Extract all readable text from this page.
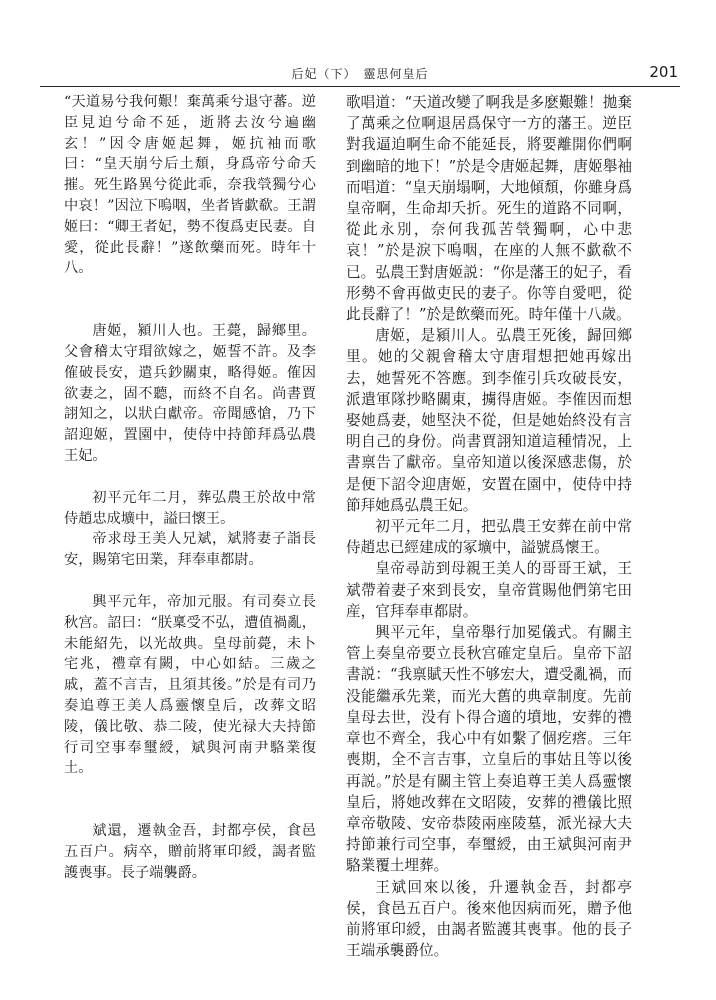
后妃（下）　靈思何皇后	201

“天道易兮我何艱！棄萬乘兮退守蕃。逆臣見迫兮命不延，逝將去汝兮遍幽玄！”因令唐姬起舞，姬抗袖而歌曰：“皇天崩兮后土頹，身爲帝兮命夭摧。死生路異兮從此乖，奈我煢獨兮心中哀！”因泣下嗚咽，坐者皆歔欷。王謂姬曰：“卿王者妃，勢不復爲吏民妻。自愛，從此長辭！”遂飲藥而死。時年十八。

唐姬，潁川人也。王薨，歸鄉里。父會稽太守瑁欲嫁之，姬誓不許。及李傕破長安，遣兵鈔關東，略得姬。傕因欲妻之，固不聽，而終不自名。尚書賈詡知之，以狀白獻帝。帝聞感愴，乃下詔迎姬，置園中，使侍中持節拜爲弘農王妃。

初平元年二月，葬弘農王於故中常侍趙忠成壙中，謚曰懷王。

帝求母王美人兄斌，斌將妻子詣長安，賜第宅田業，拜奉車都尉。

興平元年，帝加元服。有司奏立長秋宫。詔曰：“朕稟受不弘，遭值禍亂，未能紹先，以光故典。皇母前薨，未卜宅兆，禮章有闕，中心如結。三歲之戚，蓋不言吉，且須其後。”於是有司乃奏追尊王美人爲靈懷皇后，改葬文昭陵，儀比敬、恭二陵，使光禄大夫持節行司空事奉璽綬，斌與河南尹駱業復土。

斌還，遷執金吾，封都亭侯，食邑五百户。病卒，贈前將軍印綬，謁者監護喪事。長子端襲爵。

歌唱道：“天道改變了啊我是多麽艱難！拋棄了萬乘之位啊退居爲保守一方的藩王。逆臣對我逼迫啊生命不能延長，將要離開你們啊到幽暗的地下！”於是令唐姬起舞，唐姬舉袖而唱道：“皇天崩塌啊，大地傾頹，你雖身爲皇帝啊，生命却夭折。死生的道路不同啊，從此永別，奈何我孤苦煢獨啊，心中悲哀！”於是淚下嗚咽，在座的人無不歔欷不已。弘農王對唐姬説：“你是藩王的妃子，看形勢不會再做吏民的妻子。你等自愛吧，從此長辭了！”於是飲藥而死。時年僅十八歲。

唐姬，是潁川人。弘農王死後，歸回鄉里。她的父親會稽太守唐瑁想把她再嫁出去，她誓死不答應。到李傕引兵攻破長安，派遣軍隊抄略關東，擄得唐姬。李傕因而想娶她爲妻，她堅決不從，但是她始終没有言明自己的身份。尚書賈詡知道這種情况，上書禀告了獻帝。皇帝知道以後深感悲傷，於是便下詔令迎唐姬，安置在園中，使侍中持節拜她爲弘農王妃。

初平元年二月，把弘農王安葬在前中常侍趙忠已經建成的冢壙中，謚號爲懷王。

皇帝尋訪到母親王美人的哥哥王斌，王斌帶着妻子來到長安，皇帝賞賜他們第宅田産，官拜奉車都尉。

興平元年，皇帝舉行加冕儀式。有關主管上奏皇帝要立長秋宫確定皇后。皇帝下詔書説：“我禀賦天性不够宏大，遭受亂禍，而没能繼承先業，而光大舊的典章制度。先前皇母去世，没有卜得合適的墳地，安葬的禮章也不齊全，我心中有如繫了個疙瘩。三年喪期，全不言吉事，立皇后的事姑且等以後再説。”於是有關主管上奏追尊王美人爲靈懷皇后，將她改葬在文昭陵，安葬的禮儀比照章帝敬陵、安帝恭陵兩座陵墓，派光禄大夫持節兼行司空事，奉璽綬，由王斌與河南尹駱業覆土埋葬。

王斌回來以後，升遷執金吾，封都亭侯，食邑五百户。後來他因病而死，贈予他前將軍印綬，由謁者監護其喪事。他的長子王端承襲爵位。
